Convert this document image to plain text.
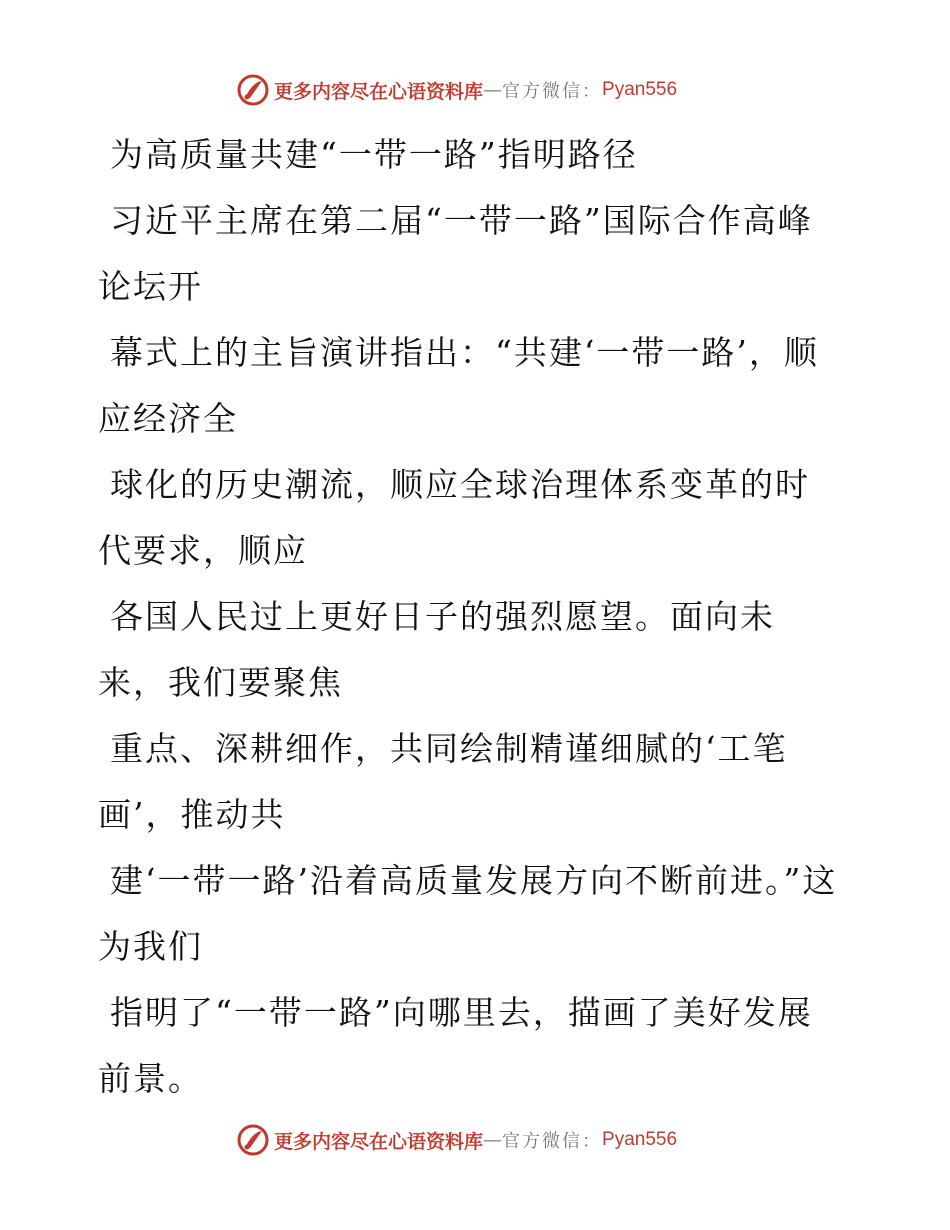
更多内容尽在心语资料库 — 官方微信： Pyan556

为高质量共建“一带一路”指明路径

习近平主席在第二届“一带一路”国际合作高峰论坛开

幕式上的主旨演讲指出：“共建‘一带一路’，顺应经济全

球化的历史潮流，顺应全球治理体系变革的时代要求，顺应

各国人民过上更好日子的强烈愿望。面向未来，我们要聚焦

重点、深耕细作，共同绘制精谨细腻的‘工笔画’，推动共

建‘一带一路’沿着高质量发展方向不断前进。”这为我们

指明了“一带一路”向哪里去，描画了美好发展前景。

更多内容尽在心语资料库 — 官方微信： Pyan556
